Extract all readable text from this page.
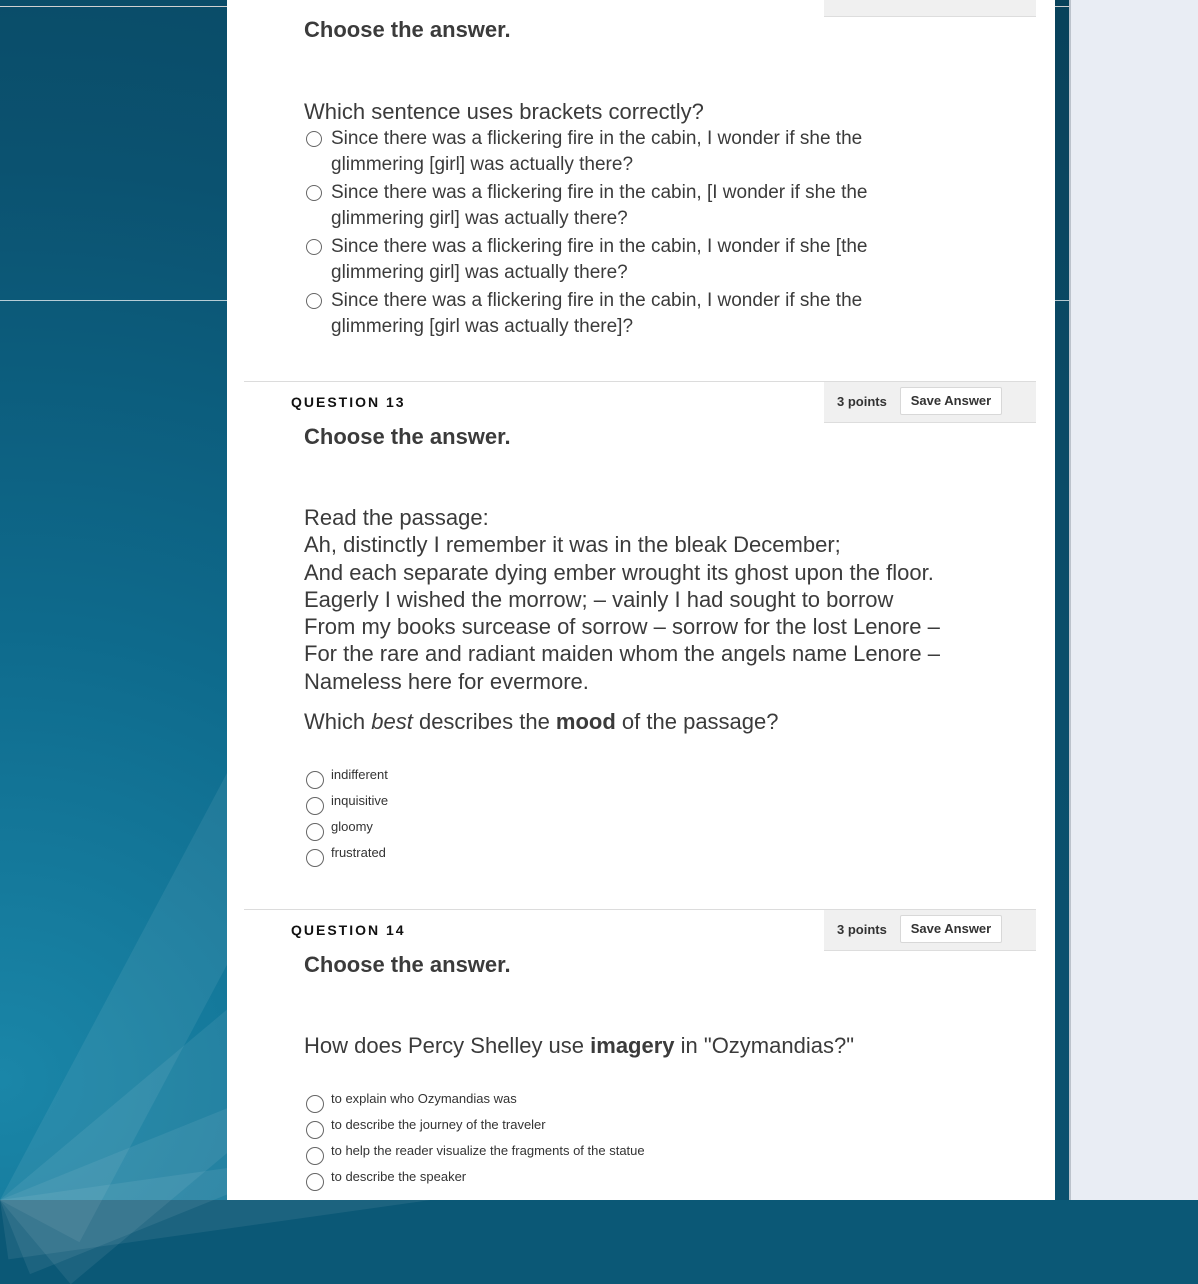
Choose the answer.
Which sentence uses brackets correctly?
Since there was a flickering fire in the cabin, I wonder if she the
glimmering [girl] was actually there?
Since there was a flickering fire in the cabin, [I wonder if she the
glimmering girl] was actually there?
Since there was a flickering fire in the cabin, I wonder if she [the
glimmering girl] was actually there?
Since there was a flickering fire in the cabin, I wonder if she the
glimmering [girl was actually there]?
QUESTION 13	3 points	Save Answer
Choose the answer.
Read the passage:
Ah, distinctly I remember it was in the bleak December;
And each separate dying ember wrought its ghost upon the floor.
Eagerly I wished the morrow; – vainly I had sought to borrow
From my books surcease of sorrow – sorrow for the lost Lenore –
For the rare and radiant maiden whom the angels name Lenore –
Nameless here for evermore.
Which best describes the mood of the passage?
indifferent
inquisitive
gloomy
frustrated
QUESTION 14	3 points	Save Answer
Choose the answer.
How does Percy Shelley use imagery in "Ozymandias?"
to explain who Ozymandias was
to describe the journey of the traveler
to help the reader visualize the fragments of the statue
to describe the speaker
